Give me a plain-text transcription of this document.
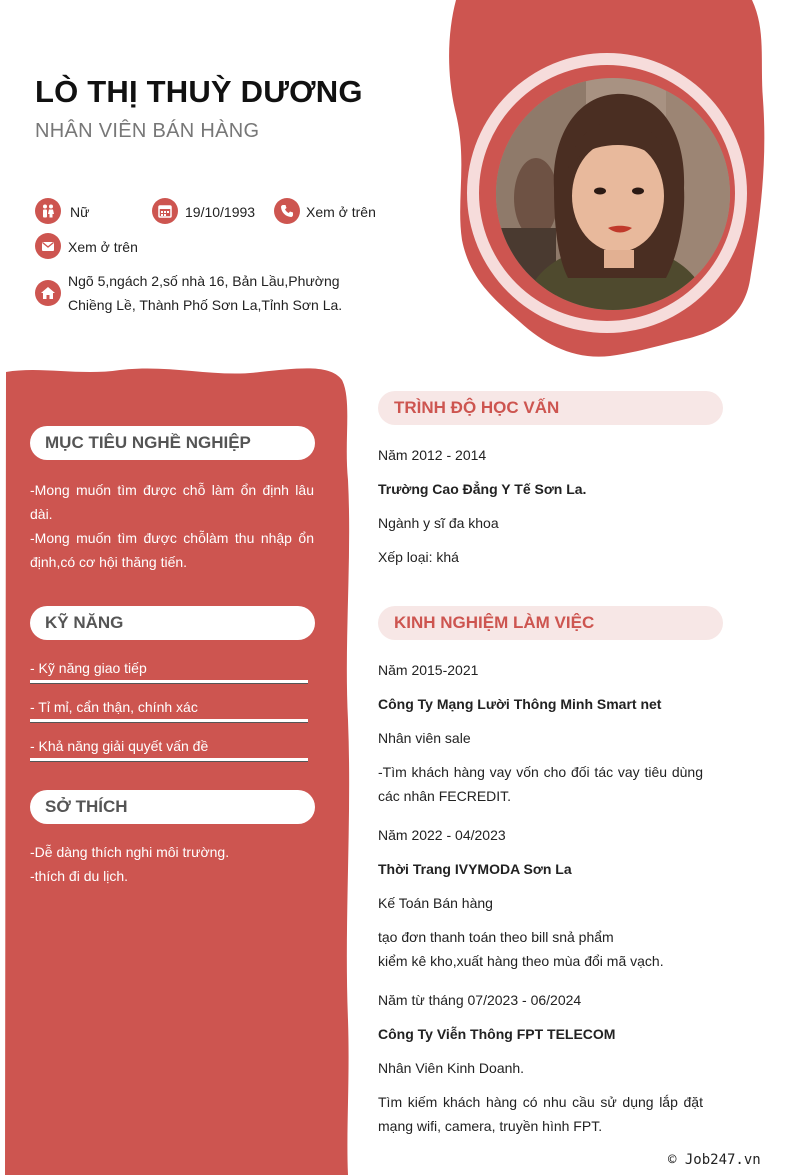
LÒ THỊ THUỲ DƯƠNG
NHÂN VIÊN BÁN HÀNG
Nữ	19/10/1993	Xem ở trên
Xem ở trên
Ngõ 5,ngách 2,số nhà 16, Bản Lầu,Phường Chiềng Lề, Thành Phố Sơn La,Tỉnh Sơn La.
MỤC TIÊU NGHỀ NGHIỆP
-Mong muốn tìm được chỗ làm ổn định lâu dài.
-Mong muốn tìm được chỗlàm thu nhập ổn định,có cơ hội thăng tiến.
KỸ NĂNG
- Kỹ năng giao tiếp
- Tỉ mỉ, cẩn thận, chính xác
- Khả năng giải quyết vấn đề
SỞ THÍCH
-Dễ dàng thích nghi môi trường.
-thích đi du lịch.
TRÌNH ĐỘ HỌC VẤN
Năm 2012 - 2014
Trường Cao Đẳng Y Tế Sơn La.
Ngành y sĩ đa khoa
Xếp loại: khá
KINH NGHIỆM LÀM VIỆC
Năm 2015-2021
Công Ty Mạng Lười Thông Minh Smart net
Nhân viên sale
-Tìm khách hàng vay vốn cho đối tác vay tiêu dùng các nhân FECREDIT.
Năm 2022 - 04/2023
Thời Trang IVYMODA Sơn La
Kế Toán Bán hàng
tạo đơn thanh toán theo bill snả phẩm
kiểm kê kho,xuất hàng theo mùa đổi mã vạch.
Năm từ tháng 07/2023 - 06/2024
Công Ty Viễn Thông FPT TELECOM
Nhân Viên Kinh Doanh.
Tìm kiếm khách hàng có nhu cầu sử dụng lắp đặt mạng wifi, camera, truyền hình FPT.
© Job247.vn
